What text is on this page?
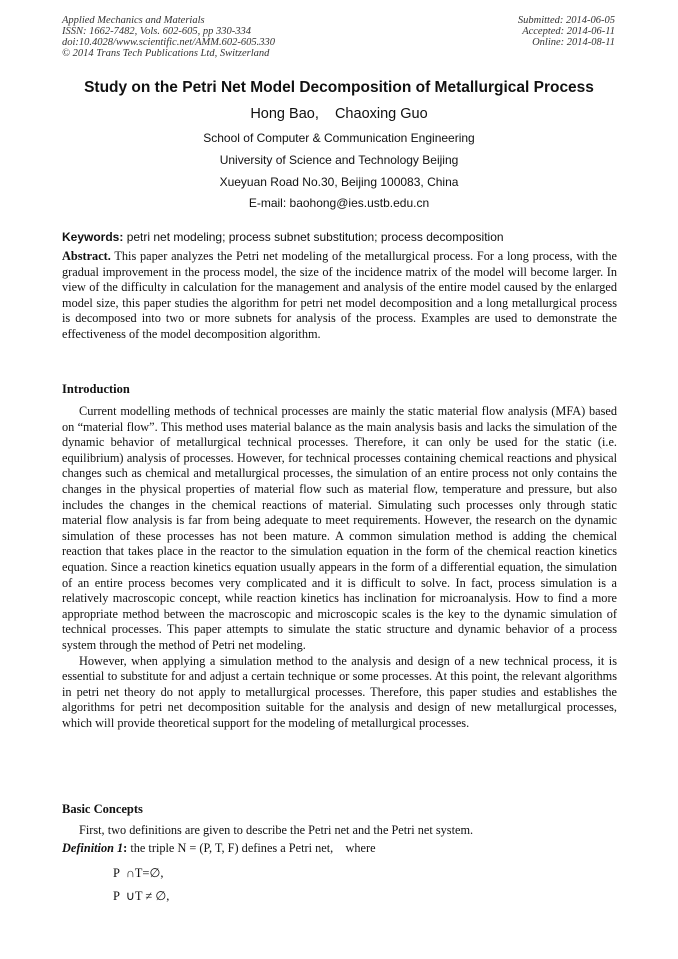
Applied Mechanics and Materials
ISSN: 1662-7482, Vols. 602-605, pp 330-334
doi:10.4028/www.scientific.net/AMM.602-605.330
© 2014 Trans Tech Publications Ltd, Switzerland
Submitted: 2014-06-05
Accepted: 2014-06-11
Online: 2014-08-11
Study on the Petri Net Model Decomposition of Metallurgical Process
Hong Bao,    Chaoxing Guo
School of Computer & Communication Engineering
University of Science and Technology Beijing
Xueyuan Road No.30, Beijing 100083, China
E-mail: baohong@ies.ustb.edu.cn
Keywords: petri net modeling; process subnet substitution; process decomposition

Abstract. This paper analyzes the Petri net modeling of the metallurgical process. For a long process, with the gradual improvement in the process model, the size of the incidence matrix of the model will become larger. In view of the difficulty in calculation for the management and analysis of the entire model caused by the enlarged model size, this paper studies the algorithm for petri net model decomposition and a long metallurgical process is decomposed into two or more subnets for analysis of the process. Examples are used to demonstrate the effectiveness of the model decomposition algorithm.

Introduction

Current modelling methods of technical processes are mainly the static material flow analysis (MFA) based on “material flow”. This method uses material balance as the main analysis basis and lacks the simulation of the dynamic behavior of metallurgical technical processes. Therefore, it can only be used for the static (i.e. equilibrium) analysis of processes. However, for technical processes containing chemical reactions and physical changes such as chemical and metallurgical processes, the simulation of an entire process not only contains the changes in the physical properties of material flow such as material flow, temperature and pressure, but also includes the changes in the chemical reactions of material. Simulating such processes only through static material flow analysis is far from being adequate to meet requirements. However, the research on the dynamic simulation of these processes has not been mature. A common simulation method is adding the chemical reaction that takes place in the reactor to the simulation equation in the form of the chemical reaction kinetics equation. Since a reaction kinetics equation usually appears in the form of a differential equation, the simulation of an entire process becomes very complicated and it is difficult to solve. In fact, process simulation is a relatively macroscopic concept, while reaction kinetics has inclination for microanalysis. How to find a more appropriate method between the macroscopic and microscopic scales is the key to the dynamic simulation of technical processes. This paper attempts to simulate the static structure and dynamic behavior of a process system through the method of Petri net modeling.

However, when applying a simulation method to the analysis and design of a new technical process, it is essential to substitute for and adjust a certain technique or some processes. At this point, the relevant algorithms in petri net theory do not apply to metallurgical processes. Therefore, this paper studies and establishes the algorithms for petri net decomposition suitable for the analysis and design of new metallurgical processes, which will provide theoretical support for the modeling of metallurgical processes.

Basic Concepts
First, two definitions are given to describe the Petri net and the Petri net system.
Definition 1: the triple N = (P, T, F) defines a Petri net,    where
P  ∩T=∅,
P  ∪T ≠ ∅,
